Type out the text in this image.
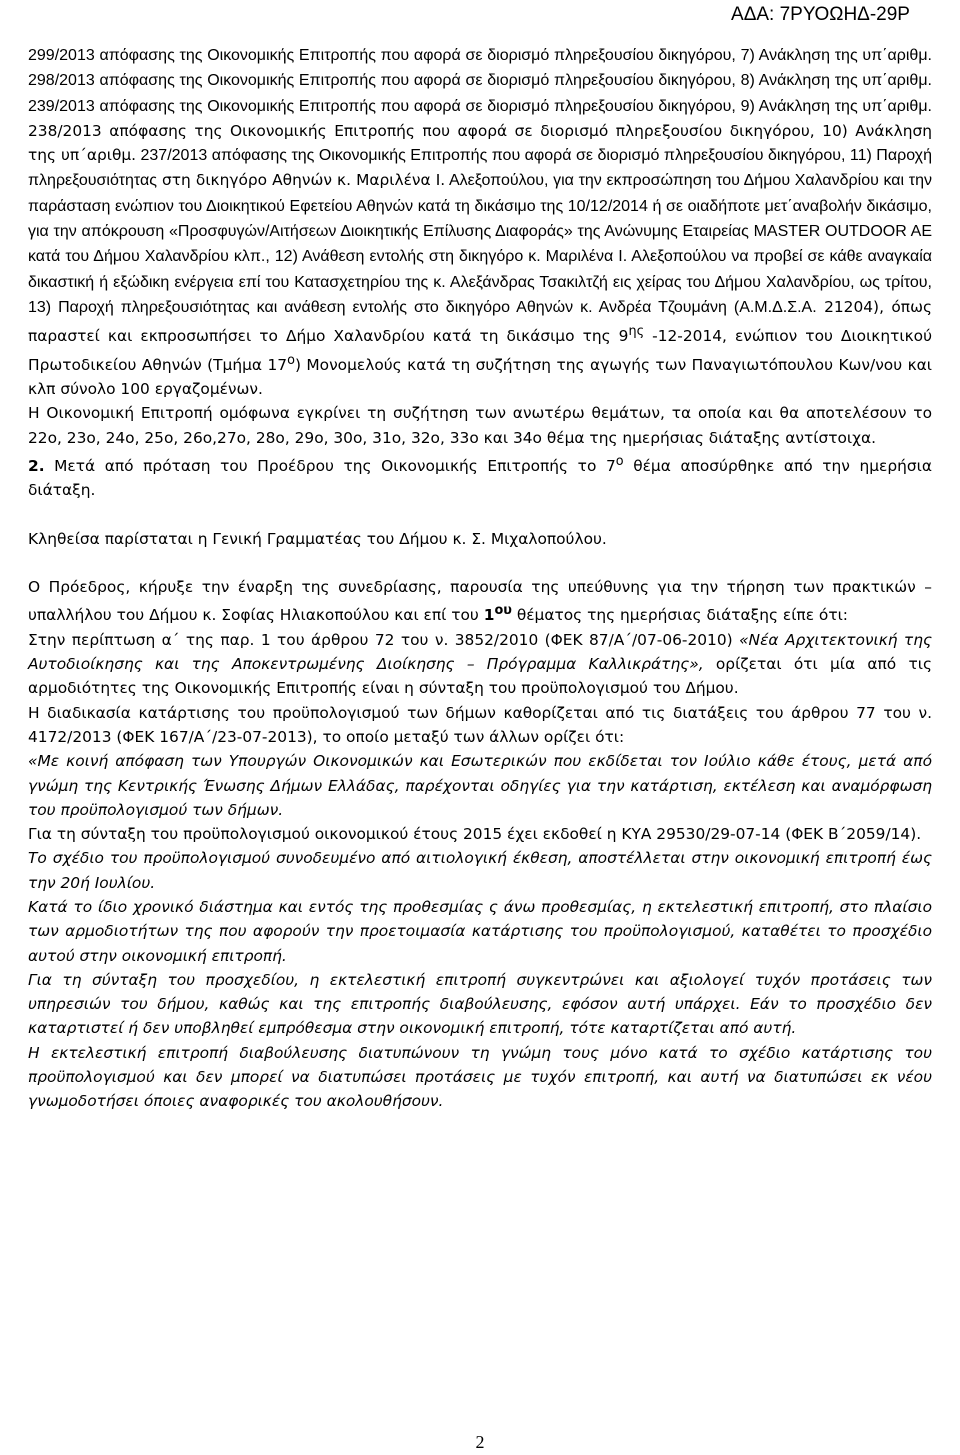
ΑΔΑ: 7ΡΥΟΩΗΔ-29Ρ

299/2013 απόφασης της Οικονομικής Επιτροπής που αφορά σε διορισμό πληρεξουσίου δικηγόρου, 7) Ανάκληση της υπ΄αριθμ. 298/2013 απόφασης της Οικονομικής Επιτροπής που αφορά σε διορισμό πληρεξουσίου δικηγόρου, 8) Ανάκληση της υπ΄αριθμ. 239/2013 απόφασης της Οικονομικής Επιτροπής που αφορά σε διορισμό πληρεξουσίου δικηγόρου, 9) Ανάκληση της υπ΄αριθμ. 238/2013 απόφασης της Οικονομικής Επιτροπής που αφορά σε διορισμό πληρεξουσίου δικηγόρου, 10) Ανάκληση της υπ΄αριθμ. 237/2013 απόφασης της Οικονομικής Επιτροπής που αφορά σε διορισμό πληρεξουσίου δικηγόρου, 11) Παροχή πληρεξουσιότητας στη δικηγόρο Αθηνών κ. Μαριλένα Ι. Αλεξοπούλου, για την εκπροσώπηση του Δήμου Χαλανδρίου και την παράσταση ενώπιον του Διοικητικού Εφετείου Αθηνών κατά τη δικάσιμο της 10/12/2014 ή σε οιαδήποτε μετ΄αναβολήν δικάσιμο, για την απόκρουση «Προσφυγών/Αιτήσεων Διοικητικής Επίλυσης Διαφοράς» της Ανώνυμης Εταιρείας MASTER OUTDOOR AE κατά του Δήμου Χαλανδρίου κλπ., 12) Ανάθεση εντολής στη δικηγόρο κ. Μαριλένα Ι. Αλεξοπούλου να προβεί σε κάθε αναγκαία δικαστική ή εξώδικη ενέργεια επί του Κατασχετηρίου της κ. Αλεξάνδρας Τσακιλτζή εις χείρας του Δήμου Χαλανδρίου, ως τρίτου, 13) Παροχή πληρεξουσιότητας και ανάθεση εντολής στο δικηγόρο Αθηνών κ. Ανδρέα Τζουμάνη (Α.Μ.Δ.Σ.Α. 21204), όπως παραστεί και εκπροσωπήσει το Δήμο Χαλανδρίου κατά τη δικάσιμο της $9^{\eta\varsigma}$ -12-2014, ενώπιον του Διοικητικού Πρωτοδικείου Αθηνών (Τμήμα $17^o$) Μονομελούς κατά τη συζήτηση της αγωγής των Παναγιωτόπουλου Κων/νου και κλπ σύνολο 100 εργαζομένων.

Η Οικονομική Επιτροπή ομόφωνα εγκρίνει τη συζήτηση των ανωτέρω θεμάτων, τα οποία και θα αποτελέσουν το 22ο, 23ο, 24ο, 25ο, 26ο,27ο, 28ο, 29ο, 30ο, 31ο, 32ο, 33ο και 34ο θέμα της ημερήσιας διάταξης αντίστοιχα.

2. Μετά από πρόταση του Προέδρου της Οικονομικής Επιτροπής το $7^o$ θέμα αποσύρθηκε από την ημερήσια διάταξη.

Κληθείσα παρίσταται η Γενική Γραμματέας του Δήμου κ. Σ. Μιχαλοπούλου.

Ο Πρόεδρος, κήρυξε την έναρξη της συνεδρίασης, παρουσία της υπεύθυνης για την τήρηση των πρακτικών – υπαλλήλου του Δήμου κ. Σοφίας Ηλιακοπούλου και επί του $1^{o\upsilon}$ θέματος της ημερήσιας διάταξης είπε ότι:

Στην περίπτωση α΄ της παρ. 1 του άρθρου 72 του ν. 3852/2010 (ΦΕΚ 87/Α΄/07-06-2010) «Νέα Αρχιτεκτονική της Αυτοδιοίκησης και της Αποκεντρωμένης Διοίκησης – Πρόγραμμα Καλλικράτης», ορίζεται ότι μία από τις αρμοδιότητες της Οικονομικής Επιτροπής είναι η σύνταξη του προϋπολογισμού του Δήμου.

Η διαδικασία κατάρτισης του προϋπολογισμού των δήμων καθορίζεται από τις διατάξεις του άρθρου 77 του ν. 4172/2013 (ΦΕΚ 167/Α΄/23-07-2013), το οποίο μεταξύ των άλλων ορίζει ότι:

«Με κοινή απόφαση των Υπουργών Οικονομικών και Εσωτερικών που εκδίδεται τον Ιούλιο κάθε έτους, μετά από γνώμη της Κεντρικής Ένωσης Δήμων Ελλάδας, παρέχονται οδηγίες για την κατάρτιση, εκτέλεση και αναμόρφωση του προϋπολογισμού των δήμων.

Για τη σύνταξη του προϋπολογισμού οικονομικού έτους 2015 έχει εκδοθεί η ΚΥΑ 29530/29-07-14 (ΦΕΚ Β΄2059/14).

Το σχέδιο του προϋπολογισμού συνοδευμένο από αιτιολογική έκθεση, αποστέλλεται στην οικονομική επιτροπή έως την 20ή Ιουλίου.

Κατά το ίδιο χρονικό διάστημα και εντός της προθεσμίας ς άνω προθεσμίας, η εκτελεστική επιτροπή, στο πλαίσιο των αρμοδιοτήτων της που αφορούν την προετοιμασία κατάρτισης του προϋπολογισμού, καταθέτει το προσχέδιο αυτού στην οικονομική επιτροπή.

Για τη σύνταξη του προσχεδίου, η εκτελεστική επιτροπή συγκεντρώνει και αξιολογεί τυχόν προτάσεις των υπηρεσιών του δήμου, καθώς και της επιτροπής διαβούλευσης, εφόσον αυτή υπάρχει. Εάν το προσχέδιο δεν καταρτιστεί ή δεν υποβληθεί εμπρόθεσμα στην οικονομική επιτροπή, τότε καταρτίζεται από αυτή.

Η εκτελεστική επιτροπή διαβούλευσης διατυπώνουν τη γνώμη τους μόνο κατά το σχέδιο κατάρτισης του προϋπολογισμού και δεν μπορεί να διατυπώσει προτάσεις με τυχόν επιτροπή, και αυτή να διατυπώσει εκ νέου γνωμοδοτήσει όποιες αναφορικές του ακολουθήσουν.

2
